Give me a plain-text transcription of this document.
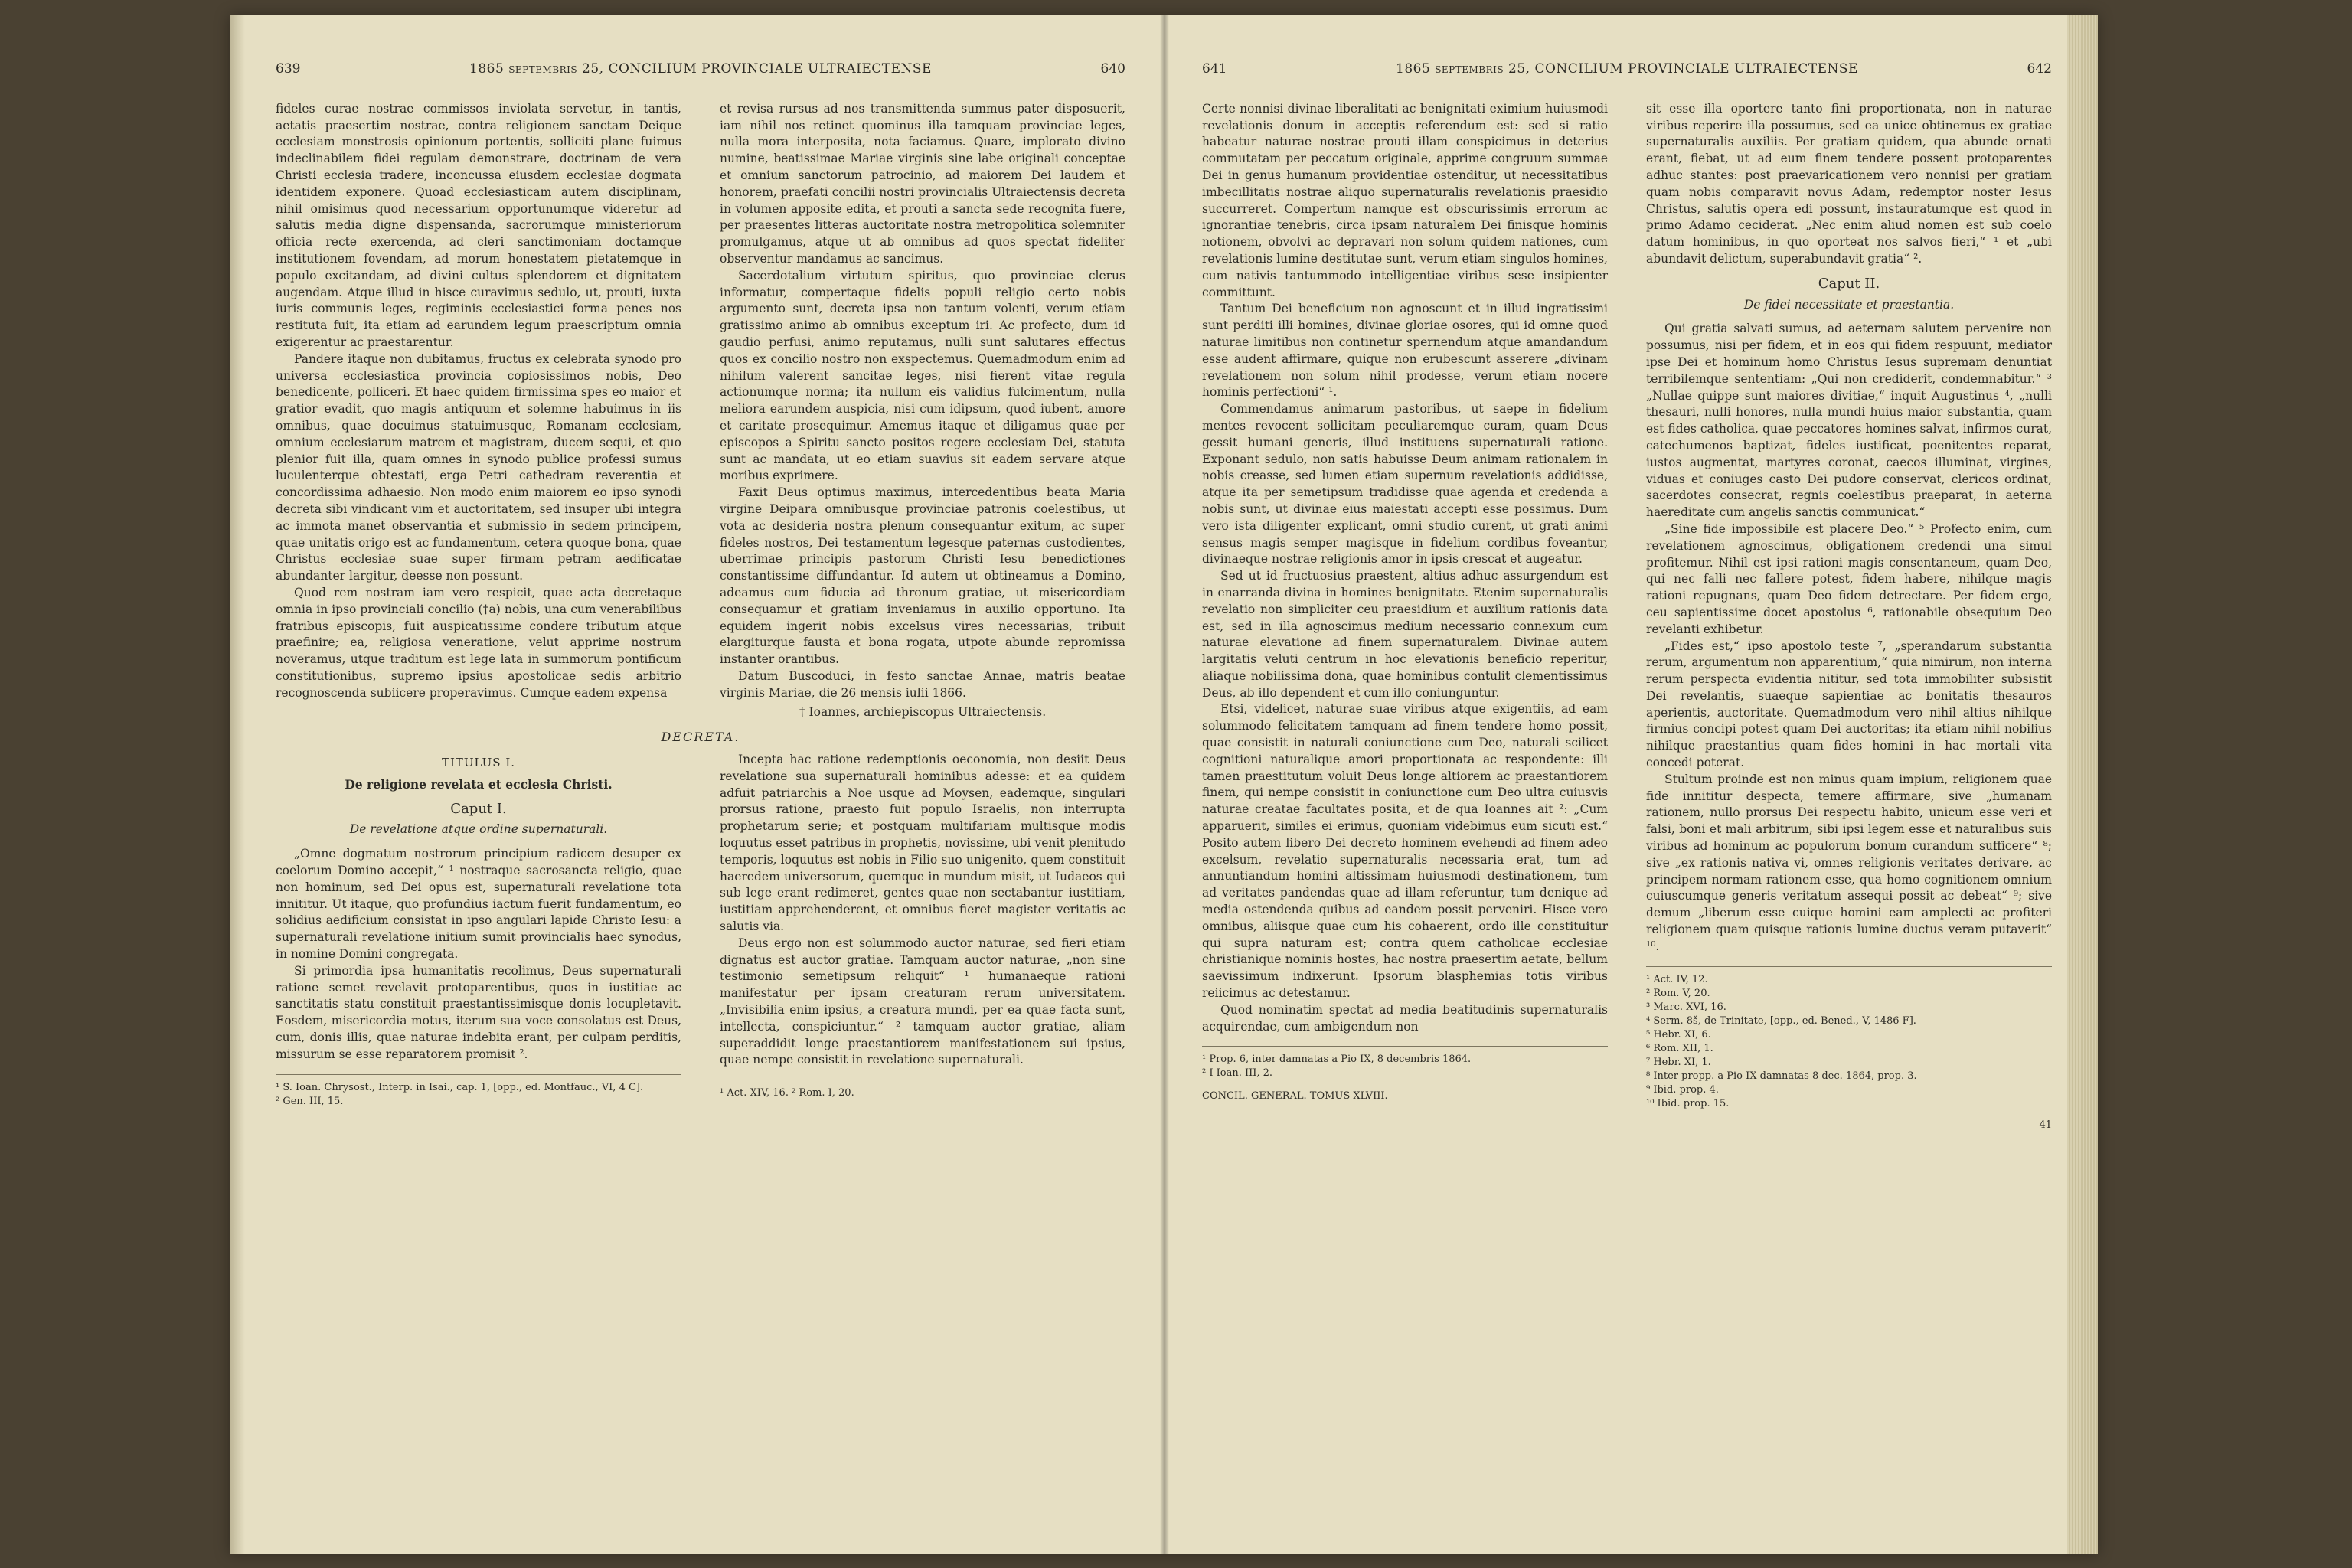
639	1865 septembris 25, CONCILIUM PROVINCIALE ULTRAIECTENSE	640

fideles curae nostrae commissos inviolata servetur, in tantis, aetatis praesertim nostrae, contra religionem sanctam Deique ecclesiam monstrosis opinionum portentis, solliciti plane fuimus indeclinabilem fidei regulam demonstrare, doctrinam de vera Christi ecclesia tradere, inconcussa eiusdem ecclesiae dogmata identidem exponere. Quoad ecclesiasticam autem disciplinam, nihil omisimus quod necessarium opportunumque videretur ad salutis media digne dispensanda, sacrorumque ministeriorum officia recte exercenda, ad cleri sanctimoniam doctamque institutionem fovendam, ad morum honestatem pietatemque in populo excitandam, ad divini cultus splendorem et dignitatem augendam. Atque illud in hisce curavimus sedulo, ut, prouti, iuxta iuris communis leges, regiminis ecclesiastici forma penes nos restituta fuit, ita etiam ad earundem legum praescriptum omnia exigerentur ac praestarentur.

Pandere itaque non dubitamus, fructus ex celebrata synodo pro universa ecclesiastica provincia copiosissimos nobis, Deo benedicente, polliceri. Et haec quidem firmissima spes eo maior et gratior evadit, quo magis antiquum et solemne habuimus in iis omnibus, quae docuimus statuimusque, Romanam ecclesiam, omnium ecclesiarum matrem et magistram, ducem sequi, et quo plenior fuit illa, quam omnes in synodo publice professi sumus luculenterque obtestati, erga Petri cathedram reverentia et concordissima adhaesio. Non modo enim maiorem eo ipso synodi decreta sibi vindicant vim et auctoritatem, sed insuper ubi integra ac immota manet observantia et submissio in sedem principem, quae unitatis origo est ac fundamentum, cetera quoque bona, quae Christus ecclesiae suae super firmam petram aedificatae abundanter largitur, deesse non possunt.

Quod rem nostram iam vero respicit, quae acta decretaque omnia in ipso provinciali concilio (†a) nobis, una cum venerabilibus fratribus episcopis, fuit auspicatissime condere tributum atque praefinire; ea, religiosa veneratione, velut apprime nostrum noveramus, utque traditum est lege lata in summorum pontificum constitutionibus, supremo ipsius apostolicae sedis arbitrio recognoscenda subiicere properavimus. Cumque eadem expensa

et revisa rursus ad nos transmittenda summus pater disposuerit, iam nihil nos retinet quominus illa tamquam provinciae leges, nulla mora interposita, nota faciamus. Quare, implorato divino numine, beatissimae Mariae virginis sine labe originali conceptae et omnium sanctorum patrocinio, ad maiorem Dei laudem et honorem, praefati concilii nostri provincialis Ultraiectensis decreta in volumen apposite edita, et prouti a sancta sede recognita fuere, per praesentes litteras auctoritate nostra metropolitica solemniter promulgamus, atque ut ab omnibus ad quos spectat fideliter observentur mandamus ac sancimus.

Sacerdotalium virtutum spiritus, quo provinciae clerus informatur, compertaque fidelis populi religio certo nobis argumento sunt, decreta ipsa non tantum volenti, verum etiam gratissimo animo ab omnibus exceptum iri. Ac profecto, dum id gaudio perfusi, animo reputamus, nulli sunt salutares effectus quos ex concilio nostro non exspectemus. Quemadmodum enim ad nihilum valerent sancitae leges, nisi fierent vitae regula actionumque norma; ita nullum eis validius fulcimentum, nulla meliora earundem auspicia, nisi cum idipsum, quod iubent, amore et caritate prosequimur. Amemus itaque et diligamus quae per episcopos a Spiritu sancto positos regere ecclesiam Dei, statuta sunt ac mandata, ut eo etiam suavius sit eadem servare atque moribus exprimere.

Faxit Deus optimus maximus, intercedentibus beata Maria virgine Deipara omnibusque provinciae patronis coelestibus, ut vota ac desideria nostra plenum consequantur exitum, ac super fideles nostros, Dei testamentum legesque paternas custodientes, uberrimae principis pastorum Christi Iesu benedictiones constantissime diffundantur. Id autem ut obtineamus a Domino, adeamus cum fiducia ad thronum gratiae, ut misericordiam consequamur et gratiam inveniamus in auxilio opportuno. Ita equidem ingerit nobis excelsus vires necessarias, tribuit elargiturque fausta et bona rogata, utpote abunde repromissa instanter orantibus.

Datum Buscoduci, in festo sanctae Annae, matris beatae virginis Mariae, die 26 mensis iulii 1866.

† Ioannes, archiepiscopus Ultraiectensis.
DECRETA.
TITULUS I.
De religione revelata et ecclesia Christi.
Caput I.
De revelatione atque ordine supernaturali.

„Omne dogmatum nostrorum principium radicem desuper ex coelorum Domino accepit,“ ¹ nostraque sacrosancta religio, quae non hominum, sed Dei opus est, supernaturali revelatione tota innititur. Ut itaque, quo profundius iactum fuerit fundamentum, eo solidius aedificium consistat in ipso angulari lapide Christo Iesu: a supernaturali revelatione initium sumit provincialis haec synodus, in nomine Domini congregata.

Si primordia ipsa humanitatis recolimus, Deus supernaturali ratione semet revelavit protoparentibus, quos in iustitiae ac sanctitatis statu constituit praestantissimisque donis locupletavit. Eosdem, misericordia motus, iterum sua voce consolatus est Deus, cum, donis illis, quae naturae indebita erant, per culpam perditis, missurum se esse reparatorem promisit ².

¹ S. Ioan. Chrysost., Interp. in Isai., cap. 1, [opp., ed. Montfauc., VI, 4 C].
² Gen. III, 15.

Incepta hac ratione redemptionis oeconomia, non desiit Deus revelatione sua supernaturali hominibus adesse: et ea quidem adfuit patriarchis a Noe usque ad Moysen, eademque, singulari prorsus ratione, praesto fuit populo Israelis, non interrupta prophetarum serie; et postquam multifariam multisque modis loquutus esset patribus in prophetis, novissime, ubi venit plenitudo temporis, loquutus est nobis in Filio suo unigenito, quem constituit haeredem universorum, quemque in mundum misit, ut Iudaeos qui sub lege erant redimeret, gentes quae non sectabantur iustitiam, iustitiam apprehenderent, et omnibus fieret magister veritatis ac salutis via.

Deus ergo non est solummodo auctor naturae, sed fieri etiam dignatus est auctor gratiae. Tamquam auctor naturae, „non sine testimonio semetipsum reliquit“ ¹ humanaeque rationi manifestatur per ipsam creaturam rerum universitatem. „Invisibilia enim ipsius, a creatura mundi, per ea quae facta sunt, intellecta, conspiciuntur.“ ² tamquam auctor gratiae, aliam superaddidit longe praestantiorem manifestationem sui ipsius, quae nempe consistit in revelatione supernaturali.

¹ Act. XIV, 16. ² Rom. I, 20.
641	1865 septembris 25, CONCILIUM PROVINCIALE ULTRAIECTENSE	642

Certe nonnisi divinae liberalitati ac benignitati eximium huiusmodi revelationis donum in acceptis referendum est: sed si ratio habeatur naturae nostrae prouti illam conspicimus in deterius commutatam per peccatum originale, apprime congruum summae Dei in genus humanum providentiae ostenditur, ut necessitatibus imbecillitatis nostrae aliquo supernaturalis revelationis praesidio succurreret. Compertum namque est obscurissimis errorum ac ignorantiae tenebris, circa ipsam naturalem Dei finisque hominis notionem, obvolvi ac depravari non solum quidem nationes, cum revelationis lumine destitutae sunt, verum etiam singulos homines, cum nativis tantummodo intelligentiae viribus sese insipienter committunt.

Tantum Dei beneficium non agnoscunt et in illud ingratissimi sunt perditi illi homines, divinae gloriae osores, qui id omne quod naturae limitibus non continetur spernendum atque amandandum esse audent affirmare, quique non erubescunt asserere „divinam revelationem non solum nihil prodesse, verum etiam nocere hominis perfectioni“ ¹.

Commendamus animarum pastoribus, ut saepe in fidelium mentes revocent sollicitam peculiaremque curam, quam Deus gessit humani generis, illud instituens supernaturali ratione. Exponant sedulo, non satis habuisse Deum animam rationalem in nobis creasse, sed lumen etiam supernum revelationis addidisse, atque ita per semetipsum tradidisse quae agenda et credenda a nobis sunt, ut divinae eius maiestati accepti esse possimus. Dum vero ista diligenter explicant, omni studio curent, ut grati animi sensus magis semper magisque in fidelium cordibus foveantur, divinaeque nostrae religionis amor in ipsis crescat et augeatur.

Sed ut id fructuosius praestent, altius adhuc assurgendum est in enarranda divina in homines benignitate. Etenim supernaturalis revelatio non simpliciter ceu praesidium et auxilium rationis data est, sed in illa agnoscimus medium necessario connexum cum naturae elevatione ad finem supernaturalem. Divinae autem largitatis veluti centrum in hoc elevationis beneficio reperitur, aliaque nobilissima dona, quae hominibus contulit clementissimus Deus, ab illo dependent et cum illo coniunguntur.

Etsi, videlicet, naturae suae viribus atque exigentiis, ad eam solummodo felicitatem tamquam ad finem tendere homo possit, quae consistit in naturali coniunctione cum Deo, naturali scilicet cognitioni naturalique amori proportionata ac respondente: illi tamen praestitutum voluit Deus longe altiorem ac praestantiorem finem, qui nempe consistit in coniunctione cum Deo ultra cuiusvis naturae creatae facultates posita, et de qua Ioannes ait ²: „Cum apparuerit, similes ei erimus, quoniam videbimus eum sicuti est.“ Posito autem libero Dei decreto hominem evehendi ad finem adeo excelsum, revelatio supernaturalis necessaria erat, tum ad annuntiandum homini altissimam huiusmodi destinationem, tum ad veritates pandendas quae ad illam referuntur, tum denique ad media ostendenda quibus ad eandem possit perveniri. Hisce vero omnibus, aliisque quae cum his cohaerent, ordo ille constituitur qui supra naturam est; contra quem catholicae ecclesiae christianique nominis hostes, hac nostra praesertim aetate, bellum saevissimum indixerunt. Ipsorum blasphemias totis viribus reiicimus ac detestamur.

Quod nominatim spectat ad media beatitudinis supernaturalis acquirendae, cum ambigendum non

¹ Prop. 6, inter damnatas a Pio IX, 8 decembris 1864.
² I Ioan. III, 2.
CONCIL. GENERAL. TOMUS XLVIII.

sit esse illa oportere tanto fini proportionata, non in naturae viribus reperire illa possumus, sed ea unice obtinemus ex gratiae supernaturalis auxiliis. Per gratiam quidem, qua abunde ornati erant, fiebat, ut ad eum finem tendere possent protoparentes adhuc stantes: post praevaricationem vero nonnisi per gratiam quam nobis comparavit novus Adam, redemptor noster Iesus Christus, salutis opera edi possunt, instauratumque est quod in primo Adamo ceciderat. „Nec enim aliud nomen est sub coelo datum hominibus, in quo oporteat nos salvos fieri,“ ¹ et „ubi abundavit delictum, superabundavit gratia“ ².

Caput II.
De fidei necessitate et praestantia.

Qui gratia salvati sumus, ad aeternam salutem pervenire non possumus, nisi per fidem, et in eos qui fidem respuunt, mediator ipse Dei et hominum homo Christus Iesus supremam denuntiat terribilemque sententiam: „Qui non crediderit, condemnabitur.“ ³ „Nullae quippe sunt maiores divitiae,“ inquit Augustinus ⁴, „nulli thesauri, nulli honores, nulla mundi huius maior substantia, quam est fides catholica, quae peccatores homines salvat, infirmos curat, catechumenos baptizat, fideles iustificat, poenitentes reparat, iustos augmentat, martyres coronat, caecos illuminat, virgines, viduas et coniuges casto Dei pudore conservat, clericos ordinat, sacerdotes consecrat, regnis coelestibus praeparat, in aeterna haereditate cum angelis sanctis communicat.“

„Sine fide impossibile est placere Deo.“ ⁵ Profecto enim, cum revelationem agnoscimus, obligationem credendi una simul profitemur. Nihil est ipsi rationi magis consentaneum, quam Deo, qui nec falli nec fallere potest, fidem habere, nihilque magis rationi repugnans, quam Deo fidem detrectare. Per fidem ergo, ceu sapientissime docet apostolus ⁶, rationabile obsequium Deo revelanti exhibetur.

„Fides est,“ ipso apostolo teste ⁷, „sperandarum substantia rerum, argumentum non apparentium,“ quia nimirum, non interna rerum perspecta evidentia nititur, sed tota immobiliter subsistit Dei revelantis, suaeque sapientiae ac bonitatis thesauros aperientis, auctoritate. Quemadmodum vero nihil altius nihilque firmius concipi potest quam Dei auctoritas; ita etiam nihil nobilius nihilque praestantius quam fides homini in hac mortali vita concedi poterat.

Stultum proinde est non minus quam impium, religionem quae fide innititur despecta, temere affirmare, sive „humanam rationem, nullo prorsus Dei respectu habito, unicum esse veri et falsi, boni et mali arbitrum, sibi ipsi legem esse et naturalibus suis viribus ad hominum ac populorum bonum curandum sufficere“ ⁸; sive „ex rationis nativa vi, omnes religionis veritates derivare, ac principem normam rationem esse, qua homo cognitionem omnium cuiuscumque generis veritatum assequi possit ac debeat“ ⁹; sive demum „liberum esse cuique homini eam amplecti ac profiteri religionem quam quisque rationis lumine ductus veram putaverit“ ¹⁰.

¹ Act. IV, 12.
² Rom. V, 20.
³ Marc. XVI, 16.
⁴ Serm. 8š, de Trinitate, [opp., ed. Bened., V, 1486 F].
⁵ Hebr. XI, 6.
⁶ Rom. XII, 1.
⁷ Hebr. XI, 1.
⁸ Inter propp. a Pio IX damnatas 8 dec. 1864, prop. 3.
⁹ Ibid. prop. 4.
¹⁰ Ibid. prop. 15.
41
